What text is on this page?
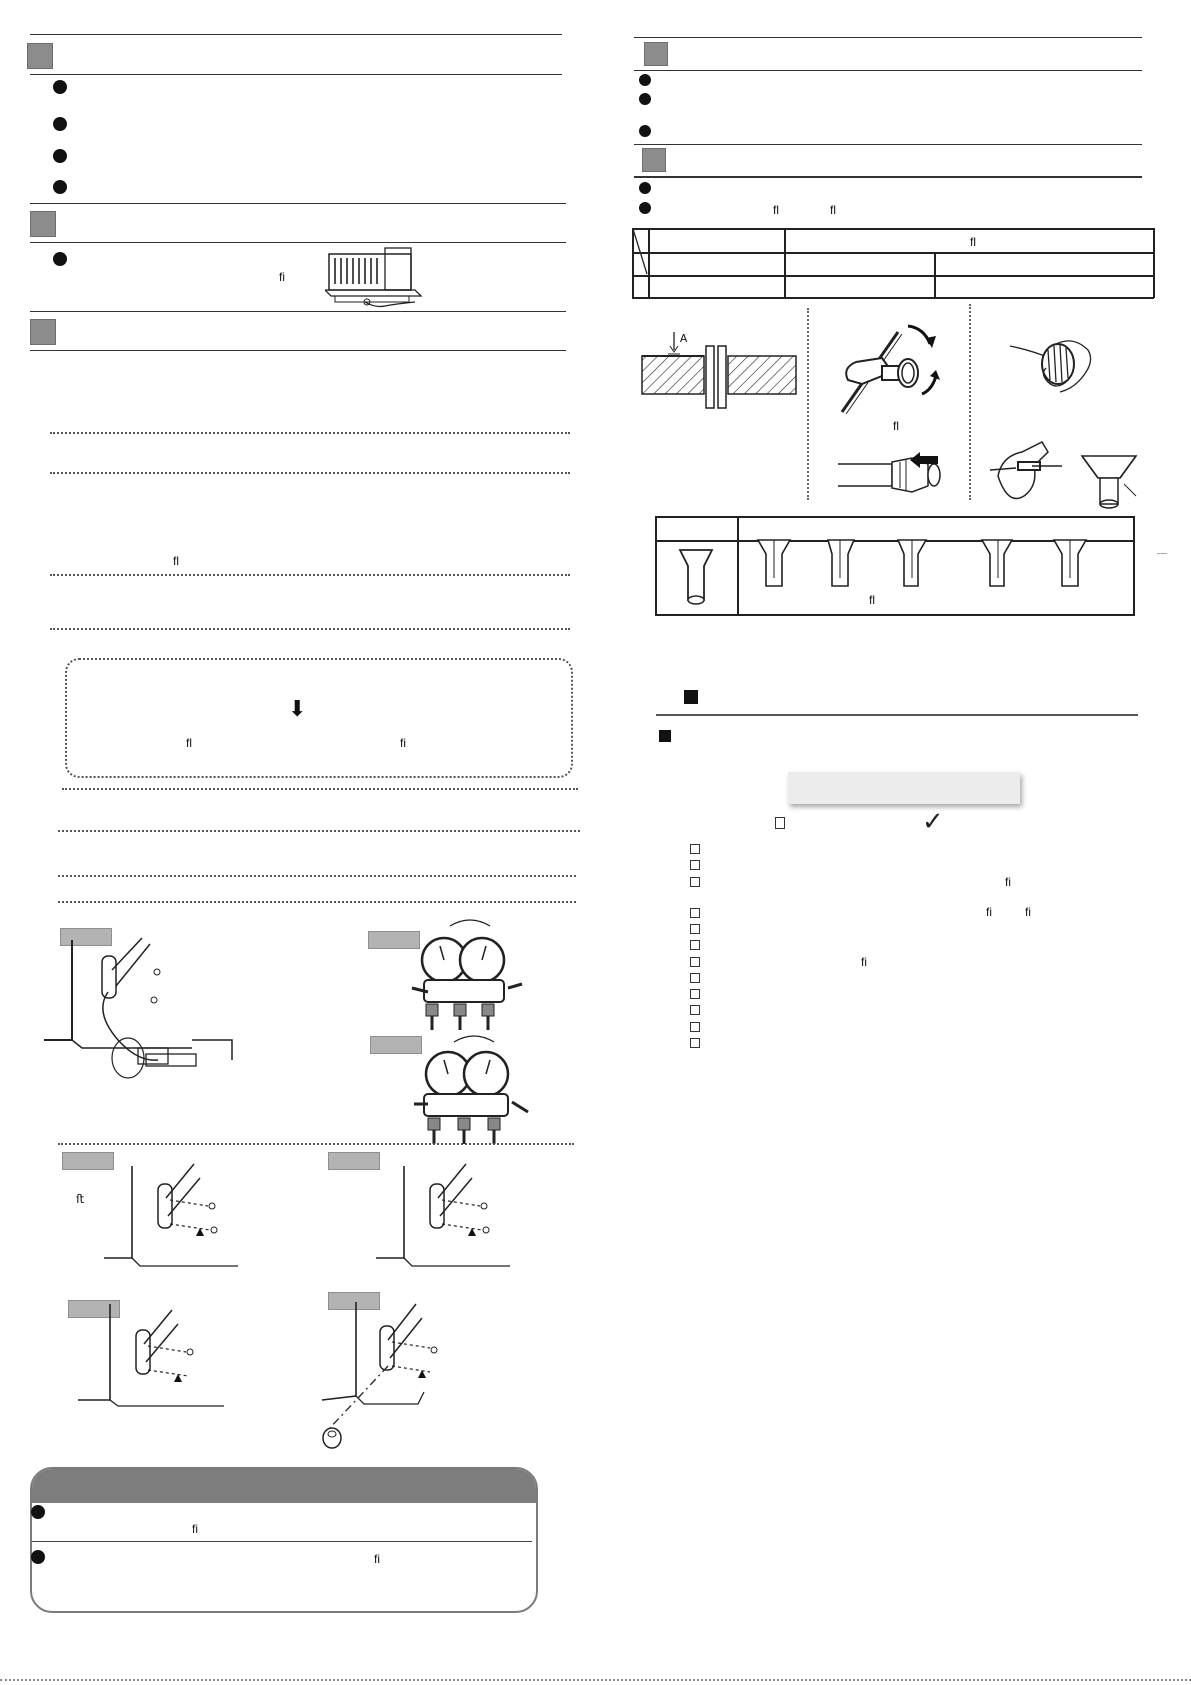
ﬁ
ﬂ
⬇
ﬂ	ﬁ
ﬅ
ﬁ
ﬁ
ﬂ	ﬂ
ﬂ
A
ﬂ
ﬂ
✓
ﬁ
ﬁ	ﬁ
ﬁ
